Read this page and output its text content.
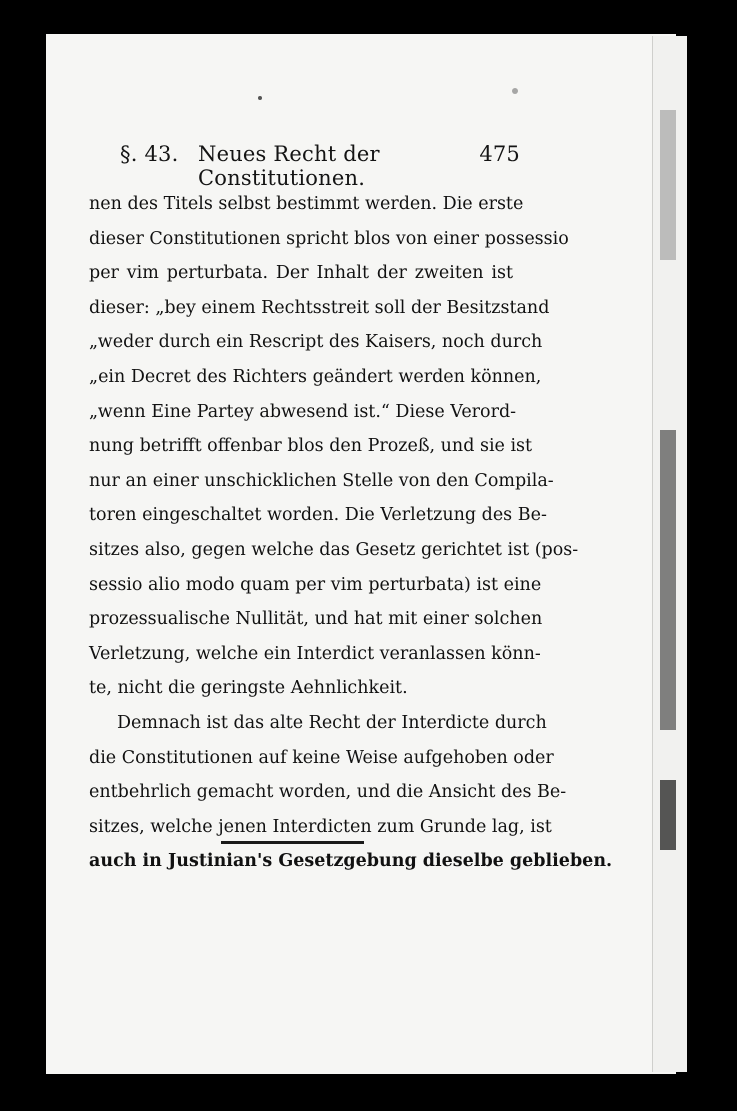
§. 43. Neues Recht der Constitutionen.
475
nen des Titels selbst bestimmt werden. Die erste
dieser Constitutionen spricht blos von einer possessio
per vim perturbata. Der Inhalt der zweiten ist
dieser: „bey einem Rechtsstreit soll der Besitzstand
„weder durch ein Rescript des Kaisers, noch durch
„ein Decret des Richters geändert werden können,
„wenn Eine Partey abwesend ist.“ Diese Verord-
nung betrifft offenbar blos den Prozeß, und sie ist
nur an einer unschicklichen Stelle von den Compila-
toren eingeschaltet worden. Die Verletzung des Be-
sitzes also, gegen welche das Gesetz gerichtet ist (pos-
sessio alio modo quam per vim perturbata) ist eine
prozessualische Nullität, und hat mit einer solchen
Verletzung, welche ein Interdict veranlassen könn-
te, nicht die geringste Aehnlichkeit.
Demnach ist das alte Recht der Interdicte durch
die Constitutionen auf keine Weise aufgehoben oder
entbehrlich gemacht worden, und die Ansicht des Be-
sitzes, welche jenen Interdicten zum Grunde lag, ist
auch in Justinian's Gesetzgebung dieselbe geblieben.
